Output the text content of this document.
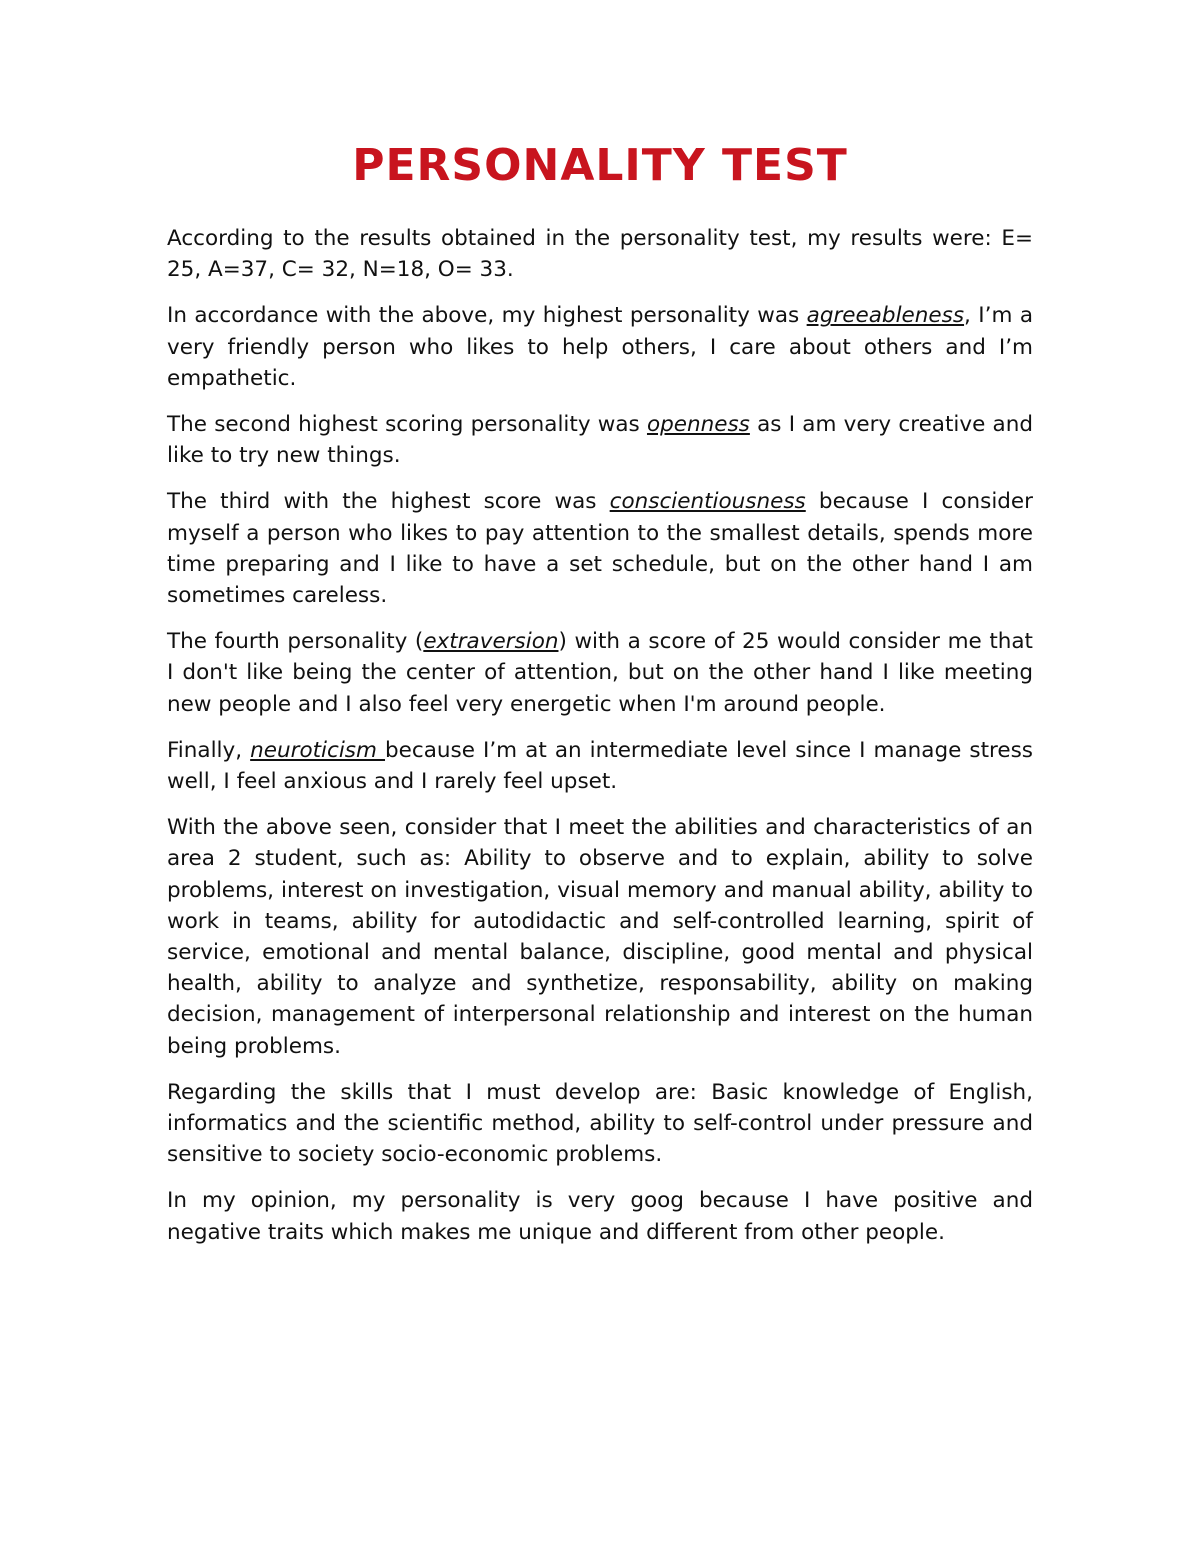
PERSONALITY TEST

According to the results obtained in the personality test, my results were: E= 25, A=37, C= 32, N=18, O= 33.

In accordance with the above, my highest personality was agreeableness, I’m a very friendly person who likes to help others, I care about others and I’m empathetic.

The second highest scoring personality was openness as I am very creative and like to try new things.

The third with the highest score was conscientiousness because I consider myself a person who likes to pay attention to the smallest details, spends more time preparing and I like to have a set schedule, but on the other hand I am sometimes careless.

The fourth personality (extraversion) with a score of 25 would consider me that I don't like being the center of attention, but on the other hand I like meeting new people and I also feel very energetic when I'm around people.

Finally, neuroticism because I’m at an intermediate level since I manage stress well, I feel anxious and I rarely feel upset.

With the above seen, consider that I meet the abilities and characteristics of an area 2 student, such as: Ability to observe and to explain, ability to solve problems, interest on investigation, visual memory and manual ability, ability to work in teams, ability for autodidactic and self-controlled learning, spirit of service, emotional and mental balance, discipline, good mental and physical health, ability to analyze and synthetize, responsability, ability on making decision, management of interpersonal relationship and interest on the human being problems.

Regarding the skills that I must develop are: Basic knowledge of English, informatics and the scientific method, ability to self-control under pressure and sensitive to society socio-economic problems.

In my opinion, my personality is very goog because I have positive and negative traits which makes me unique and different from other people.
